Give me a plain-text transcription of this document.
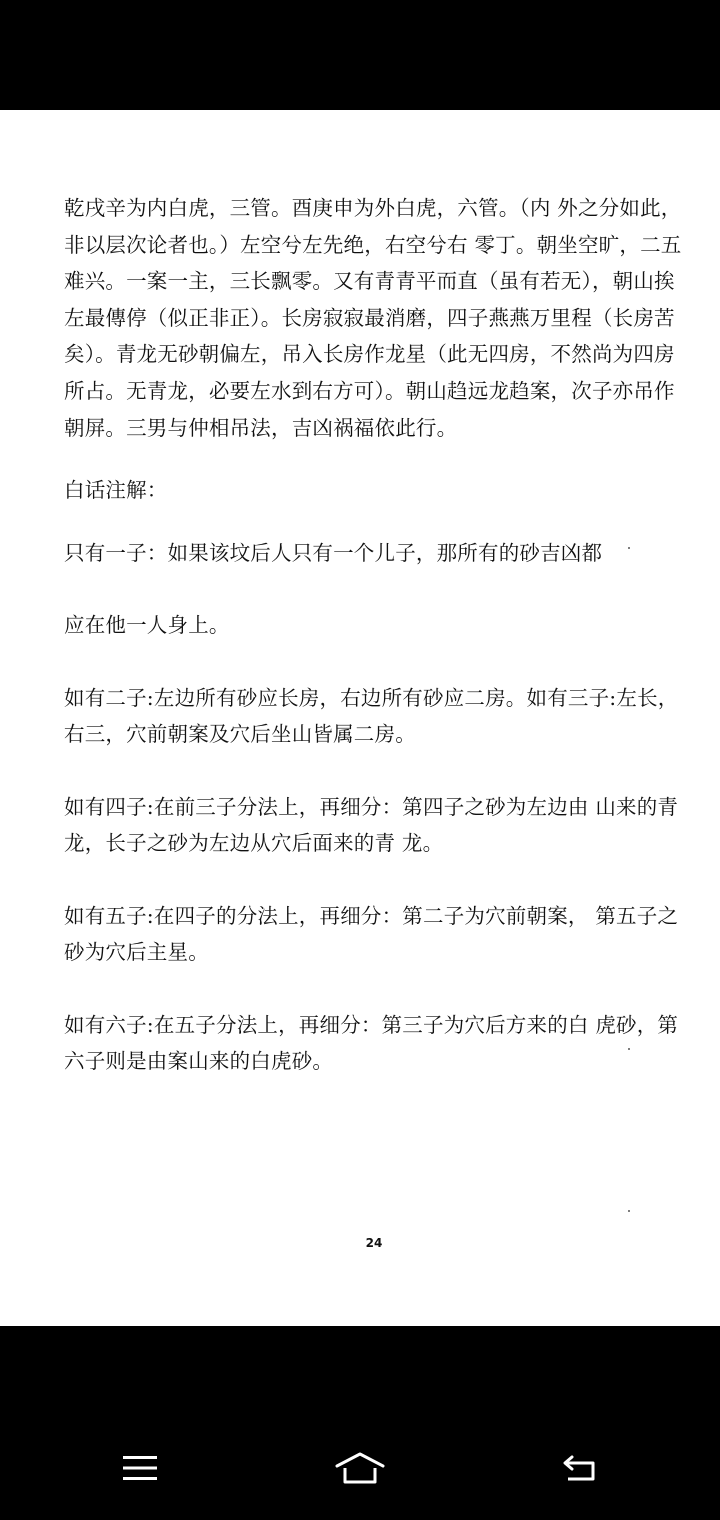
乾戌辛为内白虎，三管。酉庚申为外白虎，六管。（内 外之分如此，非以层次论者也。）左空兮左先绝，右空兮右 零丁。朝坐空旷，二五难兴。一案一主，三长飘零。又有青青平而直（虽有若无），朝山挨左最傳停（似正非正）。长房寂寂最消磨，四子燕燕万里程（长房苦矣）。青龙无砂朝偏左，吊入长房作龙星（此无四房，不然尚为四房所占。无青龙，必要左水到右方可）。朝山趋远龙趋案，次子亦吊作 朝屏。三男与仲相吊法，吉凶祸福依此行。

白话注解：

只有一子：如果该坟后人只有一个儿子，那所有的砂吉凶都

应在他一人身上。

如有二子:左边所有砂应长房，右边所有砂应二房。如有三子:左长，右三，穴前朝案及穴后坐山皆属二房。

如有四子:在前三子分法上，再细分：第四子之砂为左边由 山来的青龙，长子之砂为左边从穴后面来的青 龙。

如有五子:在四子的分法上，再细分：第二子为穴前朝案， 第五子之砂为穴后主星。

如有六子:在五子分法上，再细分：第三子为穴后方来的白 虎砂，第六子则是由案山来的白虎砂。

24
